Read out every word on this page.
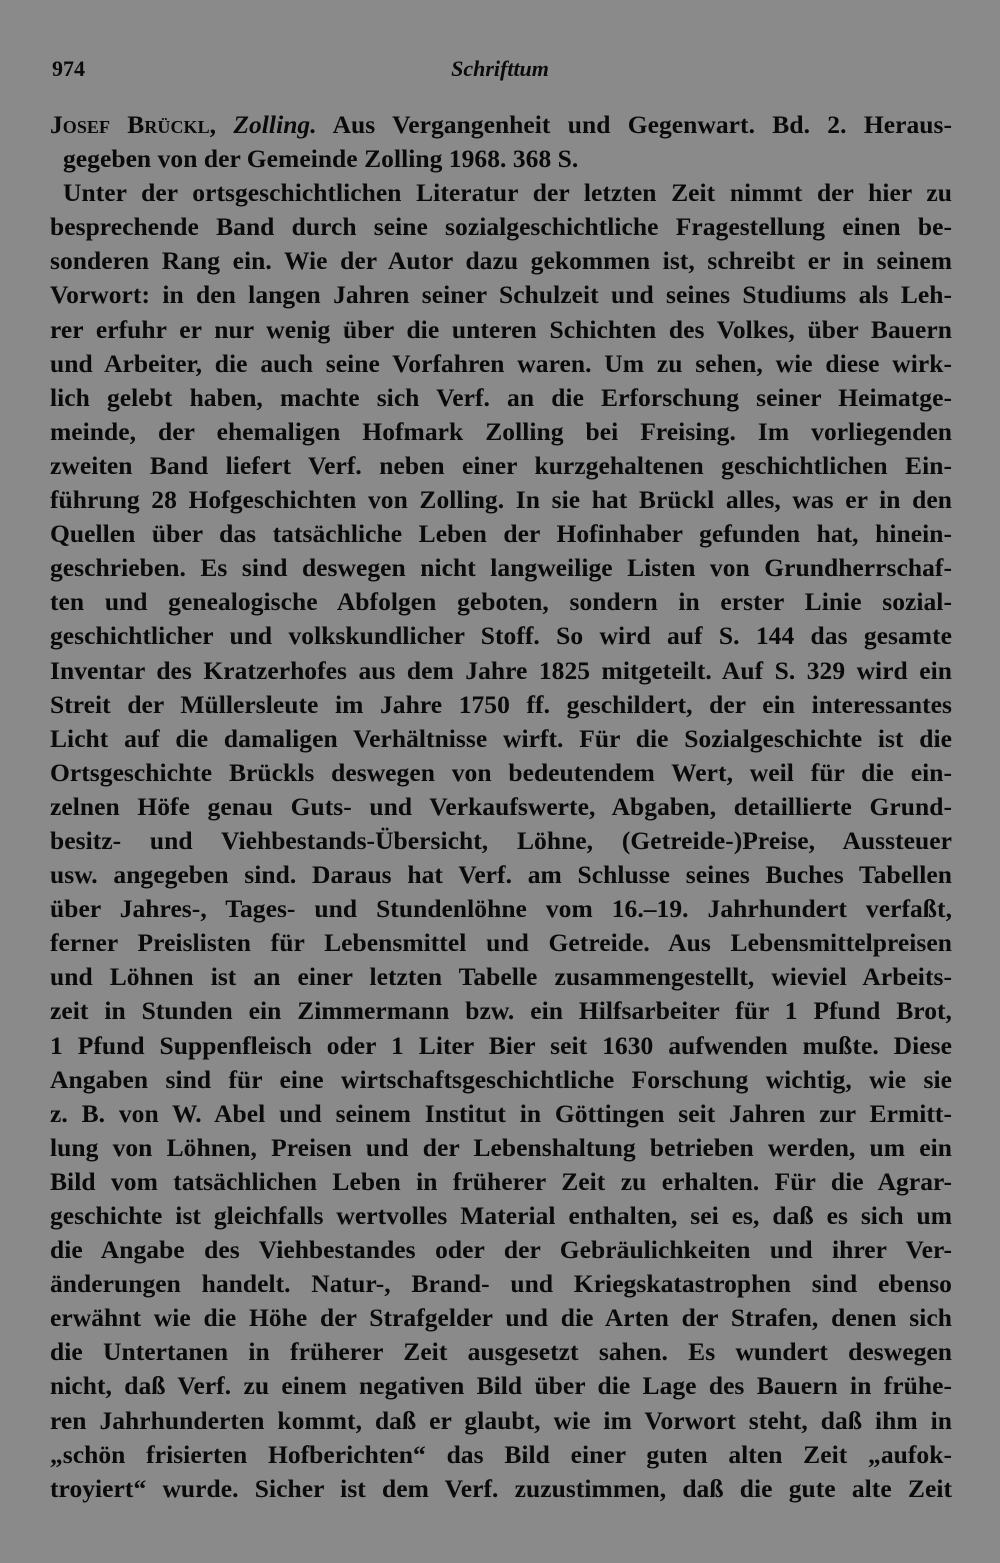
974	Schrifttum
Josef Brückl, Zolling. Aus Vergangenheit und Gegenwart. Bd. 2. Heraus-
gegeben von der Gemeinde Zolling 1968. 368 S.
Unter der ortsgeschichtlichen Literatur der letzten Zeit nimmt der hier zu
besprechende Band durch seine sozialgeschichtliche Fragestellung einen be-
sonderen Rang ein. Wie der Autor dazu gekommen ist, schreibt er in seinem
Vorwort: in den langen Jahren seiner Schulzeit und seines Studiums als Leh-
rer erfuhr er nur wenig über die unteren Schichten des Volkes, über Bauern
und Arbeiter, die auch seine Vorfahren waren. Um zu sehen, wie diese wirk-
lich gelebt haben, machte sich Verf. an die Erforschung seiner Heimatge-
meinde, der ehemaligen Hofmark Zolling bei Freising. Im vorliegenden
zweiten Band liefert Verf. neben einer kurzgehaltenen geschichtlichen Ein-
führung 28 Hofgeschichten von Zolling. In sie hat Brückl alles, was er in den
Quellen über das tatsächliche Leben der Hofinhaber gefunden hat, hinein-
geschrieben. Es sind deswegen nicht langweilige Listen von Grundherrschaf-
ten und genealogische Abfolgen geboten, sondern in erster Linie sozial-
geschichtlicher und volkskundlicher Stoff. So wird auf S. 144 das gesamte
Inventar des Kratzerhofes aus dem Jahre 1825 mitgeteilt. Auf S. 329 wird ein
Streit der Müllersleute im Jahre 1750 ff. geschildert, der ein interessantes
Licht auf die damaligen Verhältnisse wirft. Für die Sozialgeschichte ist die
Ortsgeschichte Brückls deswegen von bedeutendem Wert, weil für die ein-
zelnen Höfe genau Guts- und Verkaufswerte, Abgaben, detaillierte Grund-
besitz- und Viehbestands-Übersicht, Löhne, (Getreide-)Preise, Aussteuer
usw. angegeben sind. Daraus hat Verf. am Schlusse seines Buches Tabellen
über Jahres-, Tages- und Stundenlöhne vom 16.–19. Jahrhundert verfaßt,
ferner Preislisten für Lebensmittel und Getreide. Aus Lebensmittelpreisen
und Löhnen ist an einer letzten Tabelle zusammengestellt, wieviel Arbeits-
zeit in Stunden ein Zimmermann bzw. ein Hilfsarbeiter für 1 Pfund Brot,
1 Pfund Suppenfleisch oder 1 Liter Bier seit 1630 aufwenden mußte. Diese
Angaben sind für eine wirtschaftsgeschichtliche Forschung wichtig, wie sie
z. B. von W. Abel und seinem Institut in Göttingen seit Jahren zur Ermitt-
lung von Löhnen, Preisen und der Lebenshaltung betrieben werden, um ein
Bild vom tatsächlichen Leben in früherer Zeit zu erhalten. Für die Agrar-
geschichte ist gleichfalls wertvolles Material enthalten, sei es, daß es sich um
die Angabe des Viehbestandes oder der Gebräulichkeiten und ihrer Ver-
änderungen handelt. Natur-, Brand- und Kriegskatastrophen sind ebenso
erwähnt wie die Höhe der Strafgelder und die Arten der Strafen, denen sich
die Untertanen in früherer Zeit ausgesetzt sahen. Es wundert deswegen
nicht, daß Verf. zu einem negativen Bild über die Lage des Bauern in frühe-
ren Jahrhunderten kommt, daß er glaubt, wie im Vorwort steht, daß ihm in
„schön frisierten Hofberichten“ das Bild einer guten alten Zeit „aufok-
troyiert“ wurde. Sicher ist dem Verf. zuzustimmen, daß die gute alte Zeit
